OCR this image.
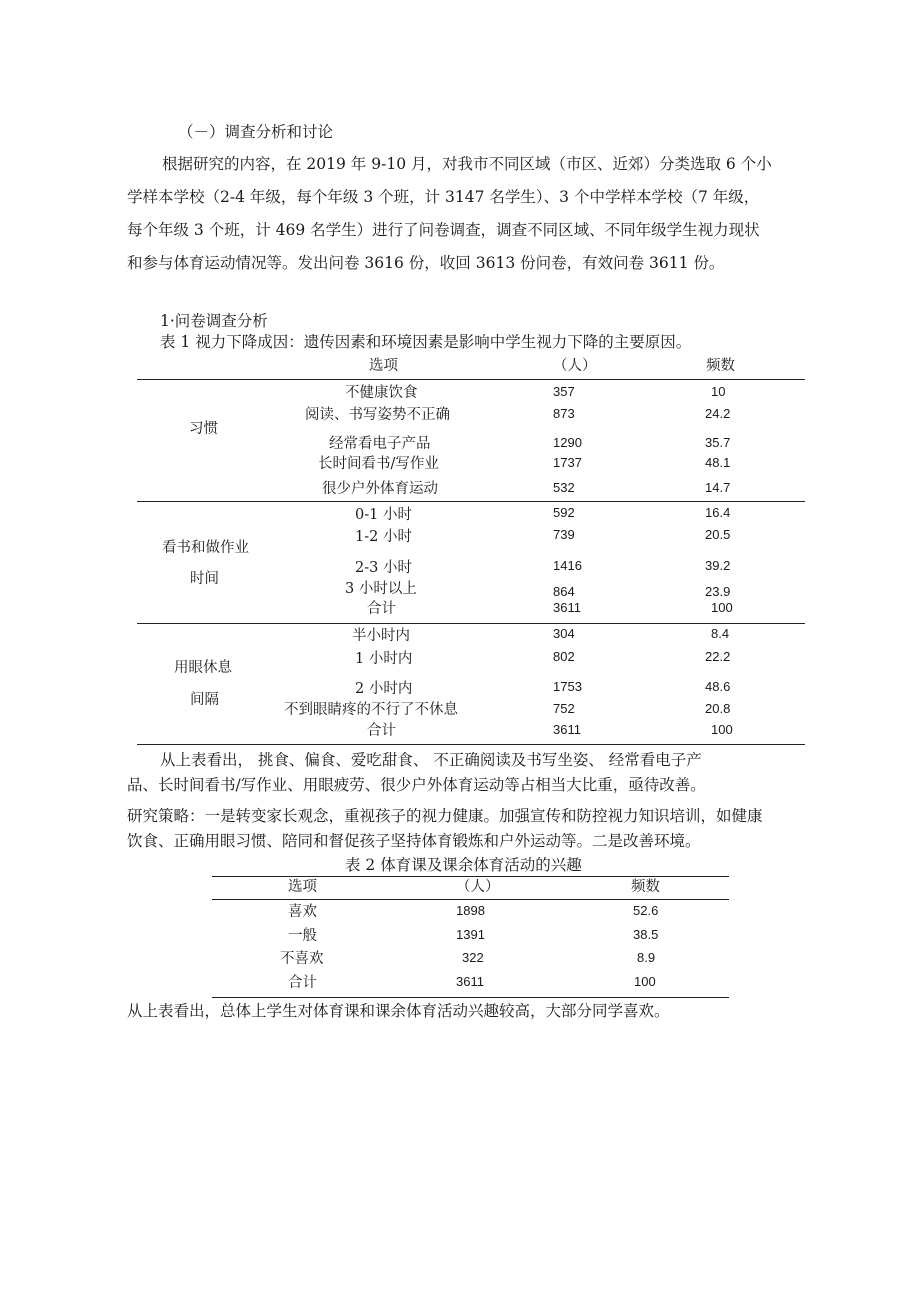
（－）调查分析和讨论

根据研究的内容，在 2019 年 9-10 月，对我市不同区域（市区、近郊）分类选取 6 个小

学样本学校（2-4 年级，每个年级 3 个班，计 3147 名学生）、3 个中学样本学校（7 年级，

每个年级 3 个班，计 469 名学生）进行了问卷调查，调查不同区域、不同年级学生视力现状

和参与体育运动情况等。发出问卷 3616 份，收回 3613 份问卷，有效问卷 3611 份。

1·问卷调查分析
表 1 视力下降成因：遗传因素和环境因素是影响中学生视力下降的主要原因。
选项	（人）	频数
习惯
不健康饮食	357	10
阅读、书写姿势不正确	873	24.2
经常看电子产品	1290	35.7
长时间看书/写作业	1737	48.1
很少户外体育运动	532	14.7
看书和做作业
时间
0-1 小时	592	16.4
1-2 小时	739	20.5
2-3 小时	1416	39.2
3 小时以上	864	23.9
合计	3611	100
用眼休息
间隔
半小时内	304	8.4
1 小时内	802	22.2
2 小时内	1753	48.6
不到眼睛疼的不行了不休息	752	20.8
合计	3611	100
从上表看出， 挑食、偏食、爱吃甜食、 不正确阅读及书写坐姿、 经常看电子产
品、长时间看书/写作业、用眼疲劳、很少户外体育运动等占相当大比重，亟待改善。
研究策略：一是转变家长观念，重视孩子的视力健康。加强宣传和防控视力知识培训，如健康
饮食、正确用眼习惯、陪同和督促孩子坚持体育锻炼和户外运动等。二是改善环境。
表 2 体育课及课余体育活动的兴趣
选项	（人）	频数
喜欢	1898	52.6
一般	1391	38.5
不喜欢	322	8.9
合计	3611	100
从上表看出，总体上学生对体育课和课余体育活动兴趣较高，大部分同学喜欢。
